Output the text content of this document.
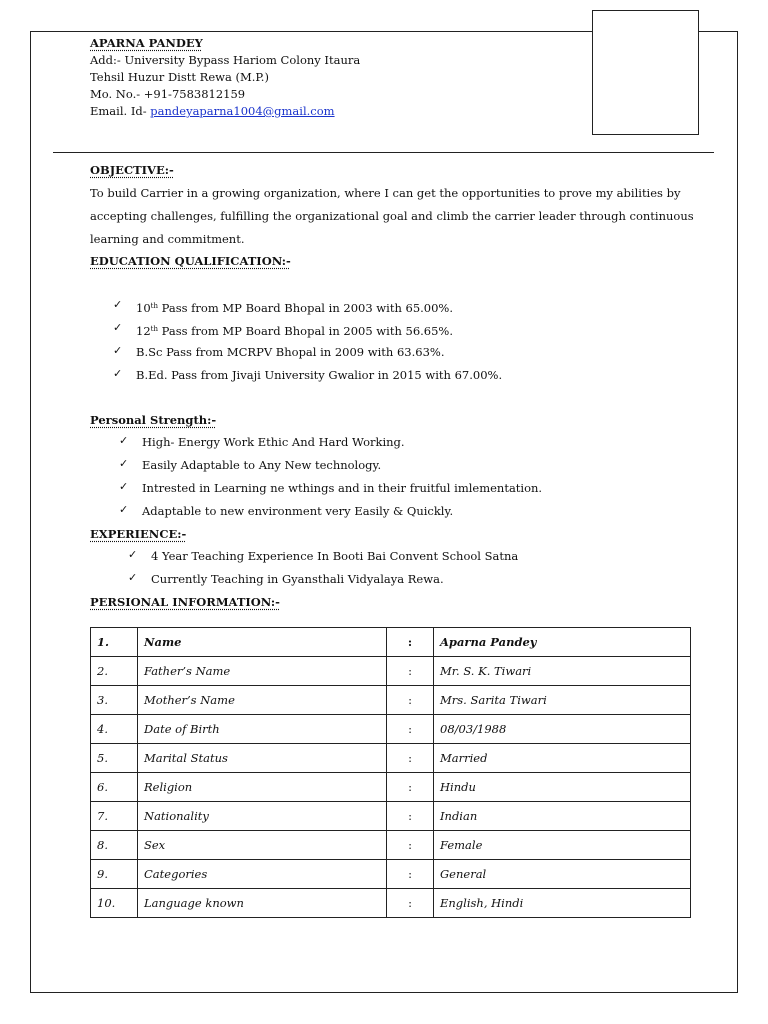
APARNA PANDEY
Add:- University Bypass Hariom Colony Itaura
Tehsil Huzur Distt Rewa (M.P.)
Mo. No.- +91-7583812159
Email. Id- pandeyaparna1004@gmail.com
OBJECTIVE:-
To build Carrier in a growing organization, where I can get the opportunities to prove my abilities by accepting challenges, fulfilling the organizational goal and climb the carrier leader through continuous learning and commitment.
EDUCATION QUALIFICATION:-
✓ 10th Pass from MP Board Bhopal in 2003 with 65.00%.
✓ 12th Pass from MP Board Bhopal in 2005 with 56.65%.
✓ B.Sc Pass from MCRPV Bhopal in 2009 with 63.63%.
✓ B.Ed. Pass from Jivaji University Gwalior in 2015 with 67.00%.
Personal Strength:-
✓ High- Energy Work Ethic And Hard Working.
✓ Easily Adaptable to Any New technology.
✓ Intrested in Learning ne wthings and in their fruitful imlementation.
✓ Adaptable to new environment very Easily & Quickly.
EXPERIENCE:-
✓ 4 Year Teaching Experience In Booti Bai Convent School Satna
✓ Currently Teaching in Gyansthali Vidyalaya Rewa.
PERSIONAL INFORMATION:-
1.	Name	:	Aparna Pandey
2.	Father’s Name	:	Mr. S. K. Tiwari
3.	Mother’s Name	:	Mrs. Sarita Tiwari
4.	Date of Birth	:	08/03/1988
5.	Marital Status	:	Married
6.	Religion	:	Hindu
7.	Nationality	:	Indian
8.	Sex	:	Female
9.	Categories	:	General
10.	Language known	:	English, Hindi
